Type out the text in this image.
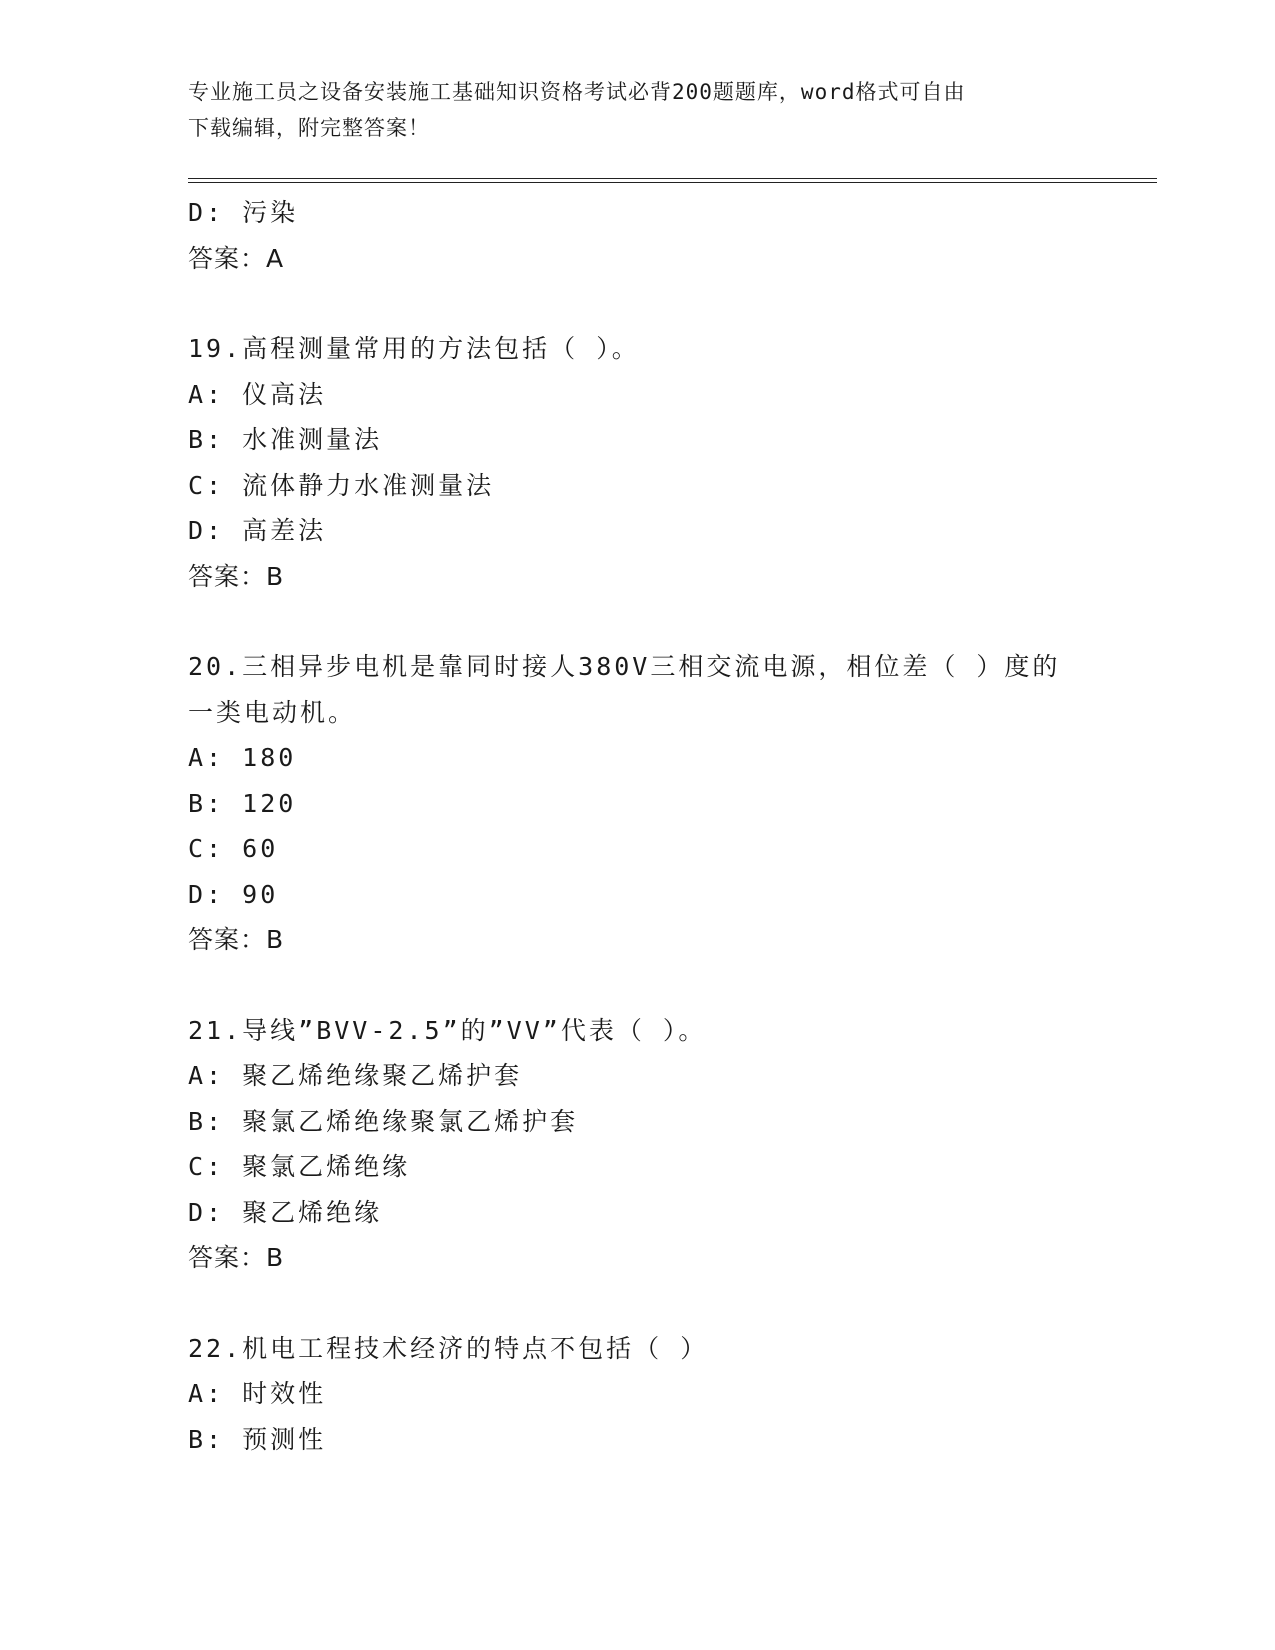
专业施工员之设备安装施工基础知识资格考试必背200题题库，word格式可自由
下载编辑，附完整答案！
D: 污染
答案：A
19.高程测量常用的方法包括（ ）。
A: 仪高法
B: 水准测量法
C: 流体静力水准测量法
D: 高差法
答案：B
20.三相异步电机是靠同时接人380V三相交流电源，相位差（ ）度的
一类电动机。
A: 180
B: 120
C: 60
D: 90
答案：B
21.导线”BVV-2.5”的”VV”代表（ ）。
A: 聚乙烯绝缘聚乙烯护套
B: 聚氯乙烯绝缘聚氯乙烯护套
C: 聚氯乙烯绝缘
D: 聚乙烯绝缘
答案：B
22.机电工程技术经济的特点不包括（ ）
A: 时效性
B: 预测性
